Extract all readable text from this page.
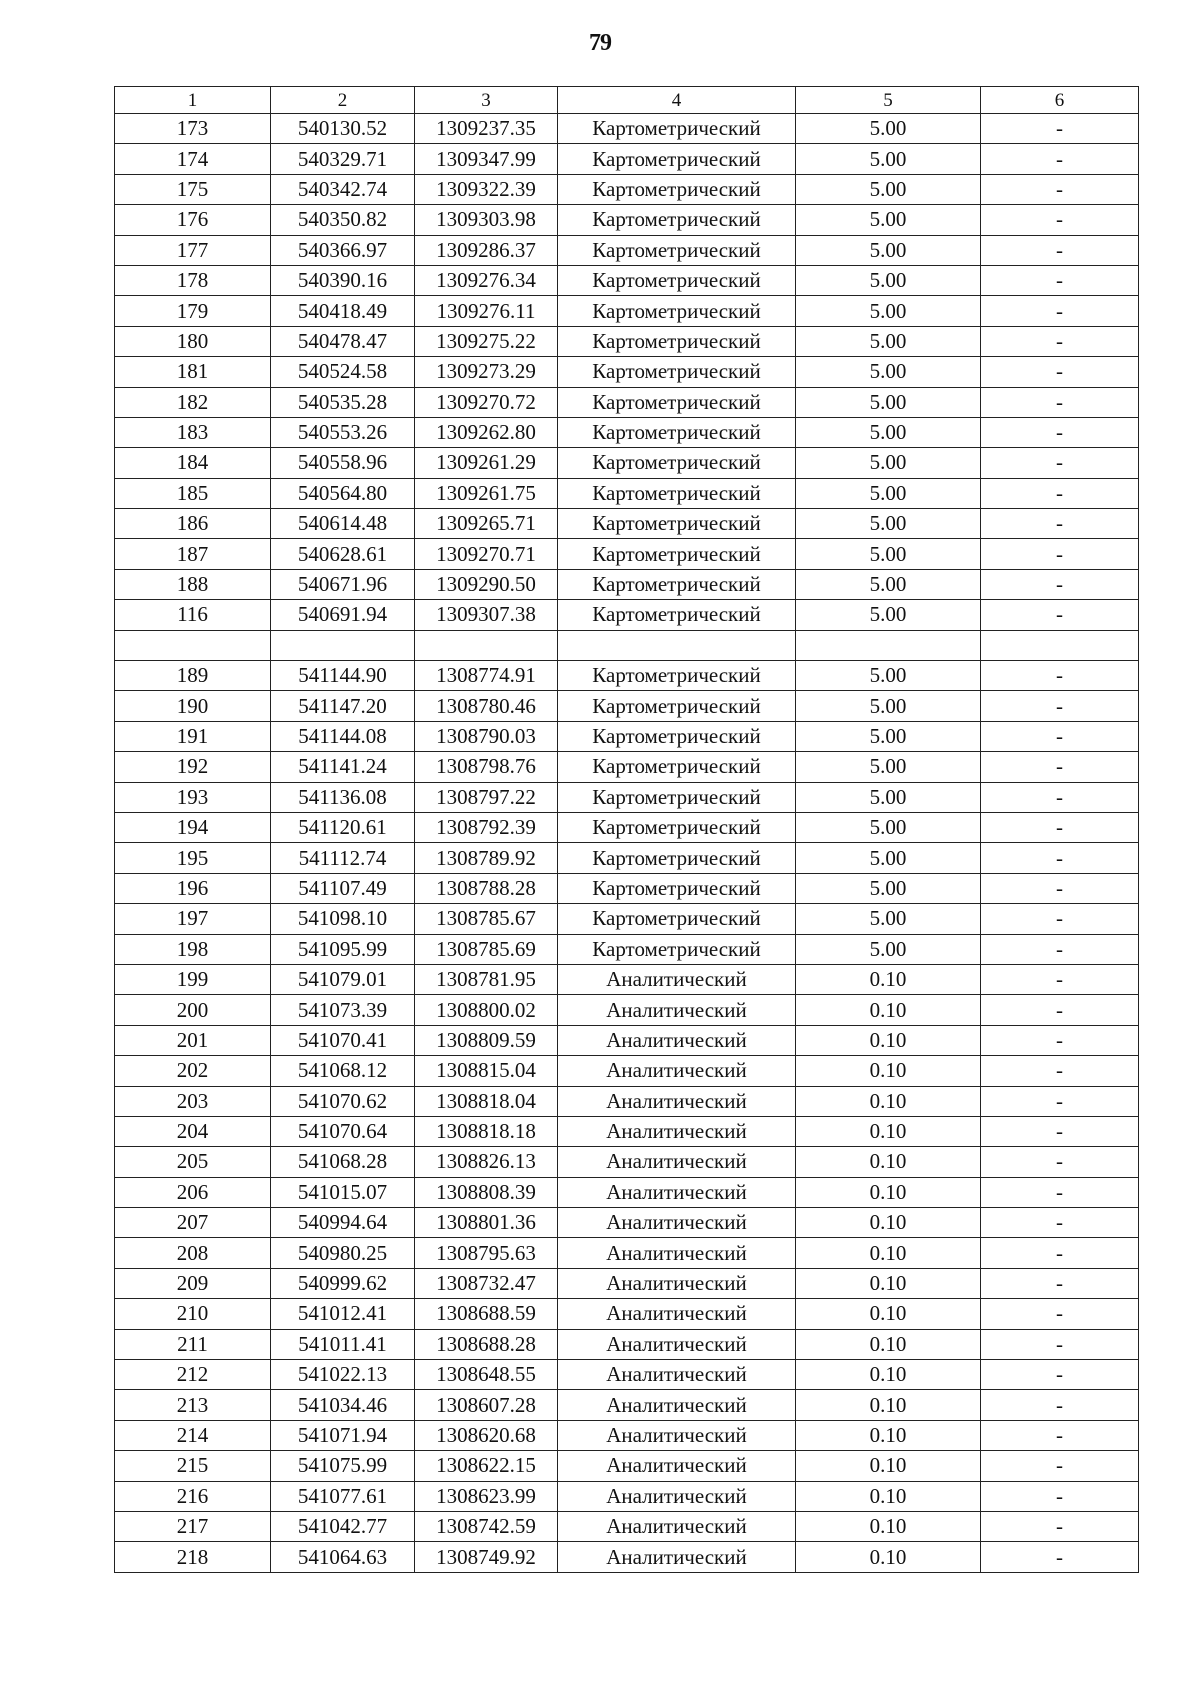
79
1	2	3	4	5	6
173	540130.52	1309237.35	Картометрический	5.00	-
174	540329.71	1309347.99	Картометрический	5.00	-
175	540342.74	1309322.39	Картометрический	5.00	-
176	540350.82	1309303.98	Картометрический	5.00	-
177	540366.97	1309286.37	Картометрический	5.00	-
178	540390.16	1309276.34	Картометрический	5.00	-
179	540418.49	1309276.11	Картометрический	5.00	-
180	540478.47	1309275.22	Картометрический	5.00	-
181	540524.58	1309273.29	Картометрический	5.00	-
182	540535.28	1309270.72	Картометрический	5.00	-
183	540553.26	1309262.80	Картометрический	5.00	-
184	540558.96	1309261.29	Картометрический	5.00	-
185	540564.80	1309261.75	Картометрический	5.00	-
186	540614.48	1309265.71	Картометрический	5.00	-
187	540628.61	1309270.71	Картометрический	5.00	-
188	540671.96	1309290.50	Картометрический	5.00	-
116	540691.94	1309307.38	Картометрический	5.00	-

189	541144.90	1308774.91	Картометрический	5.00	-
190	541147.20	1308780.46	Картометрический	5.00	-
191	541144.08	1308790.03	Картометрический	5.00	-
192	541141.24	1308798.76	Картометрический	5.00	-
193	541136.08	1308797.22	Картометрический	5.00	-
194	541120.61	1308792.39	Картометрический	5.00	-
195	541112.74	1308789.92	Картометрический	5.00	-
196	541107.49	1308788.28	Картометрический	5.00	-
197	541098.10	1308785.67	Картометрический	5.00	-
198	541095.99	1308785.69	Картометрический	5.00	-
199	541079.01	1308781.95	Аналитический	0.10	-
200	541073.39	1308800.02	Аналитический	0.10	-
201	541070.41	1308809.59	Аналитический	0.10	-
202	541068.12	1308815.04	Аналитический	0.10	-
203	541070.62	1308818.04	Аналитический	0.10	-
204	541070.64	1308818.18	Аналитический	0.10	-
205	541068.28	1308826.13	Аналитический	0.10	-
206	541015.07	1308808.39	Аналитический	0.10	-
207	540994.64	1308801.36	Аналитический	0.10	-
208	540980.25	1308795.63	Аналитический	0.10	-
209	540999.62	1308732.47	Аналитический	0.10	-
210	541012.41	1308688.59	Аналитический	0.10	-
211	541011.41	1308688.28	Аналитический	0.10	-
212	541022.13	1308648.55	Аналитический	0.10	-
213	541034.46	1308607.28	Аналитический	0.10	-
214	541071.94	1308620.68	Аналитический	0.10	-
215	541075.99	1308622.15	Аналитический	0.10	-
216	541077.61	1308623.99	Аналитический	0.10	-
217	541042.77	1308742.59	Аналитический	0.10	-
218	541064.63	1308749.92	Аналитический	0.10	-
